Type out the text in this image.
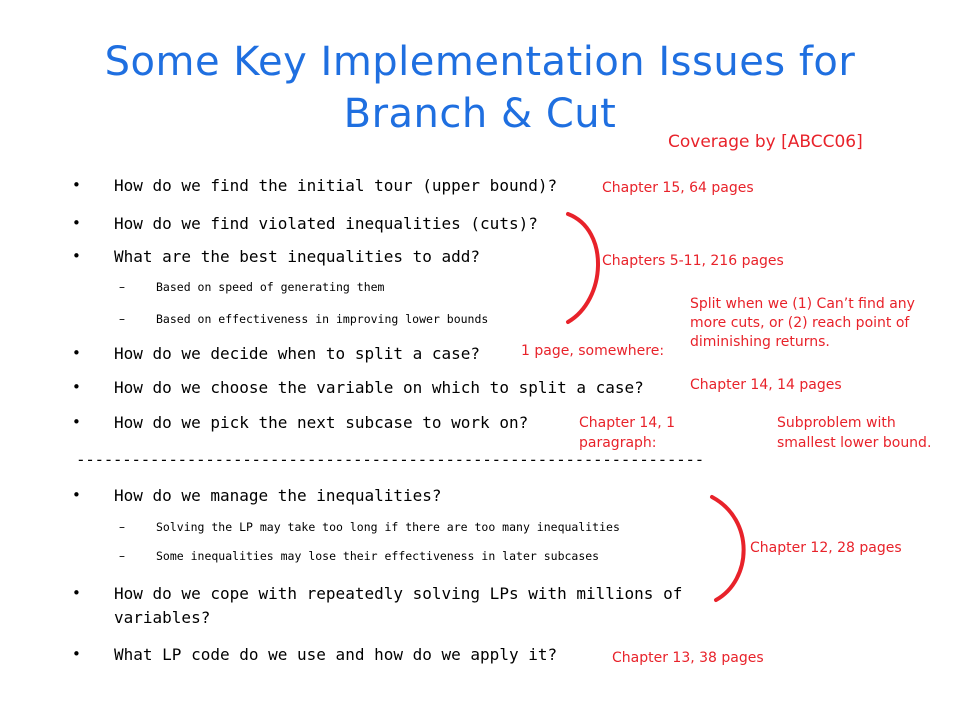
Some Key Implementation Issues for
Branch & Cut
Coverage by [ABCC06]
• How do we find the initial tour (upper bound)?
• How do we find violated inequalities (cuts)?
• What are the best inequalities to add?
–	Based on speed of generating them
–	Based on effectiveness in improving lower bounds
• How do we decide when to split a case?
• How do we choose the variable on which to split a case?
• How do we pick the next subcase to work on?
--------------------------------------------------------------------
• How do we manage the inequalities?
–	Solving the LP may take too long if there are too many inequalities
–	Some inequalities may lose their effectiveness in later subcases
• How do we cope with repeatedly solving LPs with millions of
variables?
• What LP code do we use and how do we apply it?
Chapter 15, 64 pages
Chapters 5-11, 216 pages
Split when we (1) Can’t find any
more cuts, or (2) reach point of
diminishing returns.
1 page, somewhere:
Chapter 14, 14 pages
Chapter 14, 1
paragraph:
Subproblem with
smallest lower bound.
Chapter 12, 28 pages
Chapter 13, 38 pages
